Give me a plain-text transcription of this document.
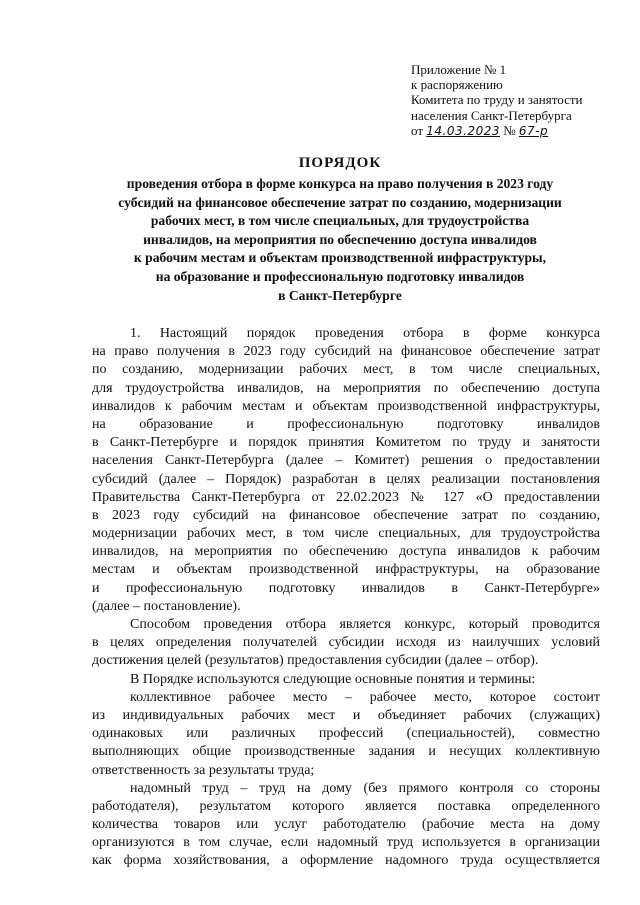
Приложение № 1
к распоряжению
Комитета по труду и занятости
населения Санкт-Петербурга
от 14.03.2023 № 67-р
ПОРЯДОК
проведения отбора в форме конкурса на право получения в 2023 году
субсидий на финансовое обеспечение затрат по созданию, модернизации
рабочих мест, в том числе специальных, для трудоустройства
инвалидов, на мероприятия по обеспечению доступа инвалидов
к рабочим местам и объектам производственной инфраструктуры,
на образование и профессиональную подготовку инвалидов
в Санкт-Петербурге
1. Настоящий порядок проведения отбора в форме конкурса
на право получения в 2023 году субсидий на финансовое обеспечение затрат
по созданию, модернизации рабочих мест, в том числе специальных,
для трудоустройства инвалидов, на мероприятия по обеспечению доступа
инвалидов к рабочим местам и объектам производственной инфраструктуры,
на образование и профессиональную подготовку инвалидов
в Санкт-Петербурге и порядок принятия Комитетом по труду и занятости
населения Санкт-Петербурга (далее – Комитет) решения о предоставлении
субсидий (далее – Порядок) разработан в целях реализации постановления
Правительства Санкт-Петербурга от 22.02.2023 № 127 «О предоставлении
в 2023 году субсидий на финансовое обеспечение затрат по созданию,
модернизации рабочих мест, в том числе специальных, для трудоустройства
инвалидов, на мероприятия по обеспечению доступа инвалидов к рабочим
местам и объектам производственной инфраструктуры, на образование
и профессиональную подготовку инвалидов в Санкт-Петербурге»
(далее – постановление).
Способом проведения отбора является конкурс, который проводится
в целях определения получателей субсидии исходя из наилучших условий
достижения целей (результатов) предоставления субсидии (далее – отбор).
В Порядке используются следующие основные понятия и термины:
коллективное рабочее место – рабочее место, которое состоит
из индивидуальных рабочих мест и объединяет рабочих (служащих)
одинаковых или различных профессий (специальностей), совместно
выполняющих общие производственные задания и несущих коллективную
ответственность за результаты труда;
надомный труд – труд на дому (без прямого контроля со стороны
работодателя), результатом которого является поставка определенного
количества товаров или услуг работодателю (рабочие места на дому
организуются в том случае, если надомный труд используется в организации
как форма хозяйствования, а оформление надомного труда осуществляется
